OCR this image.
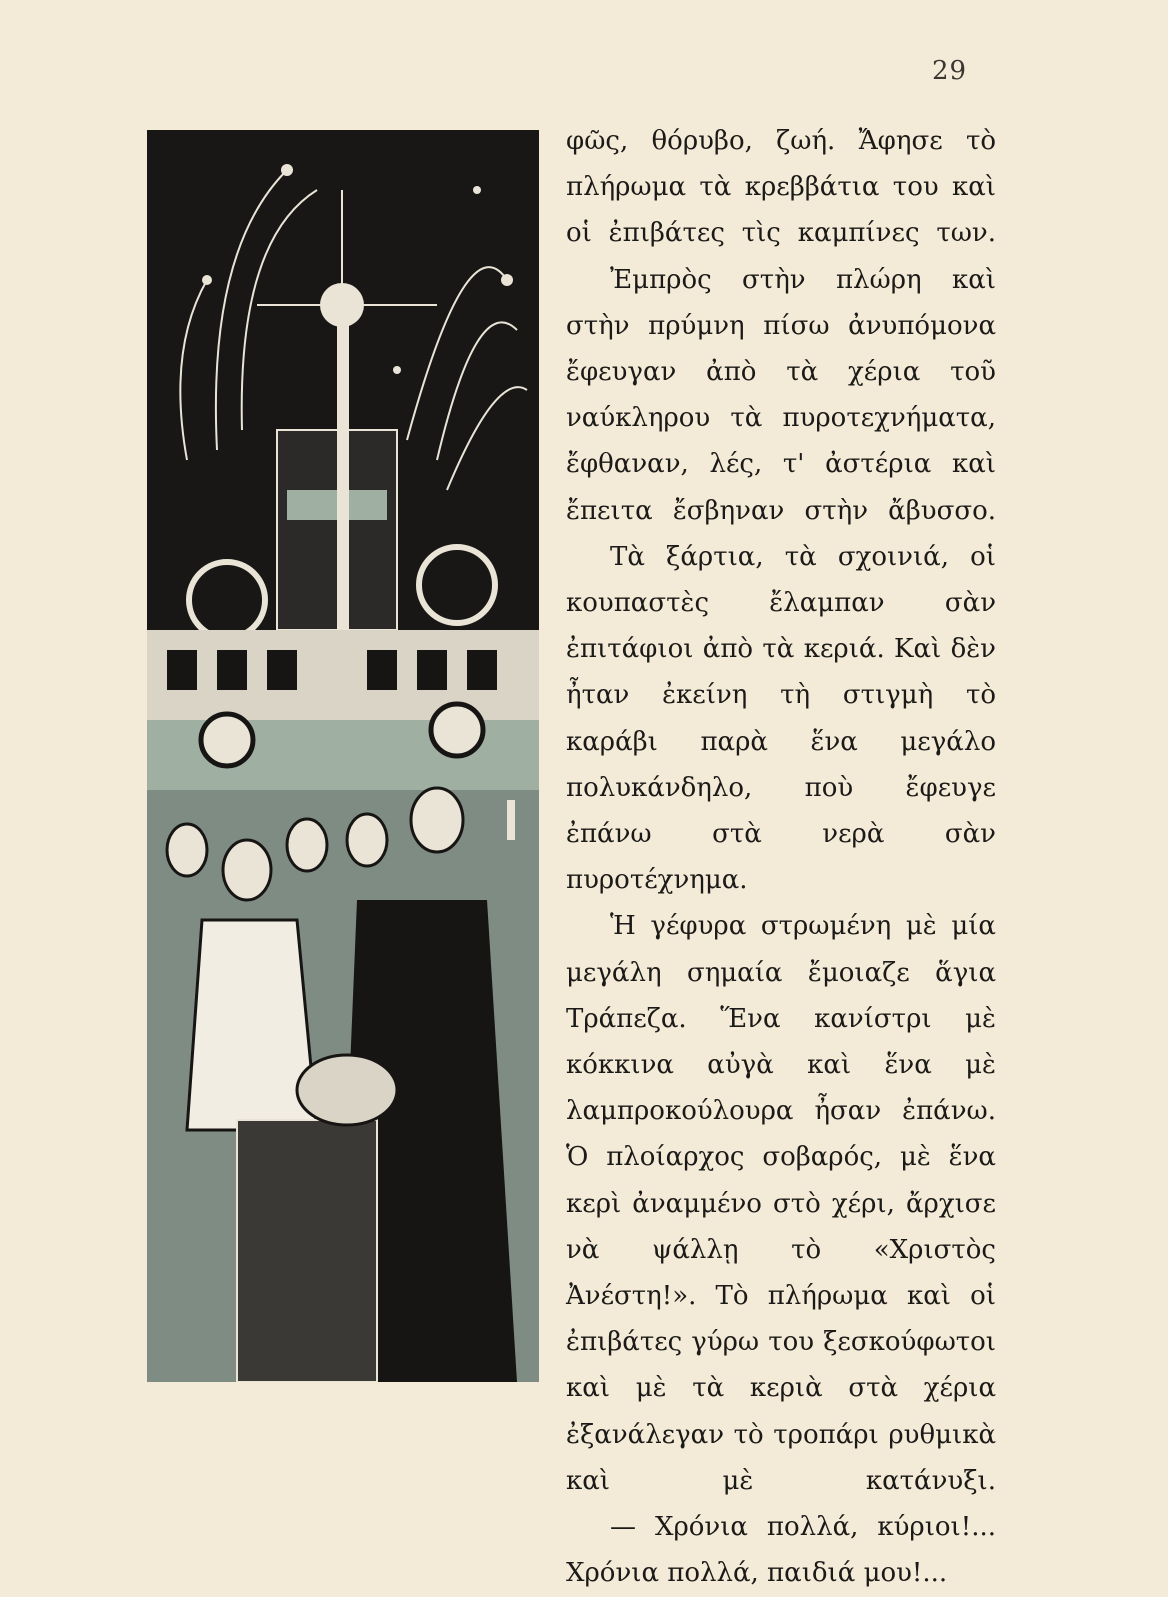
29

φῶς, θόρυβο, ζωή. Ἄφησε τὸ πλήρωμα τὰ κρεββάτια του καὶ οἱ ἐπιβάτες τὶς καμπίνες των.

Ἐμπρὸς στὴν πλώρη καὶ στὴν πρύμνη πίσω ἀνυπόμονα ἔφευγαν ἀπὸ τὰ χέρια τοῦ ναύκληρου τὰ πυροτεχνήματα, ἔφθαναν, λές, τ' ἀστέρια καὶ ἔπειτα ἔσβηναν στὴν ἄβυσσο.

Τὰ ξάρτια, τὰ σχοινιά, οἱ κουπαστὲς ἔλαμπαν σὰν ἐπιτάφιοι ἀπὸ τὰ κεριά. Καὶ δὲν ἦταν ἐκείνη τὴ στιγμὴ τὸ καράβι παρὰ ἕνα μεγάλο πολυκάνδηλο, ποὺ ἔφευγε ἐπάνω στὰ νερὰ σὰν πυροτέχνημα.

Ἡ γέφυρα στρωμένη μὲ μία μεγάλη σημαία ἔμοιαζε ἅγια Τράπεζα. Ἕνα κανίστρι μὲ κόκκινα αὐγὰ καὶ ἕνα μὲ λαμπροκούλουρα ἦσαν ἐπάνω. Ὁ πλοίαρχος σοβαρός, μὲ ἕνα κερὶ ἀναμμένο στὸ χέρι, ἄρχισε νὰ ψάλλῃ τὸ «Χριστὸς Ἀνέστη!». Τὸ πλήρωμα καὶ οἱ ἐπιβάτες γύρω του ξεσκούφωτοι καὶ μὲ τὰ κεριὰ στὰ χέρια ἐξανάλεγαν τὸ τροπάρι ρυθμικὰ καὶ μὲ κατάνυξι.

— Χρόνια πολλά, κύριοι!... Χρόνια πολλά, παιδιά μου!...
